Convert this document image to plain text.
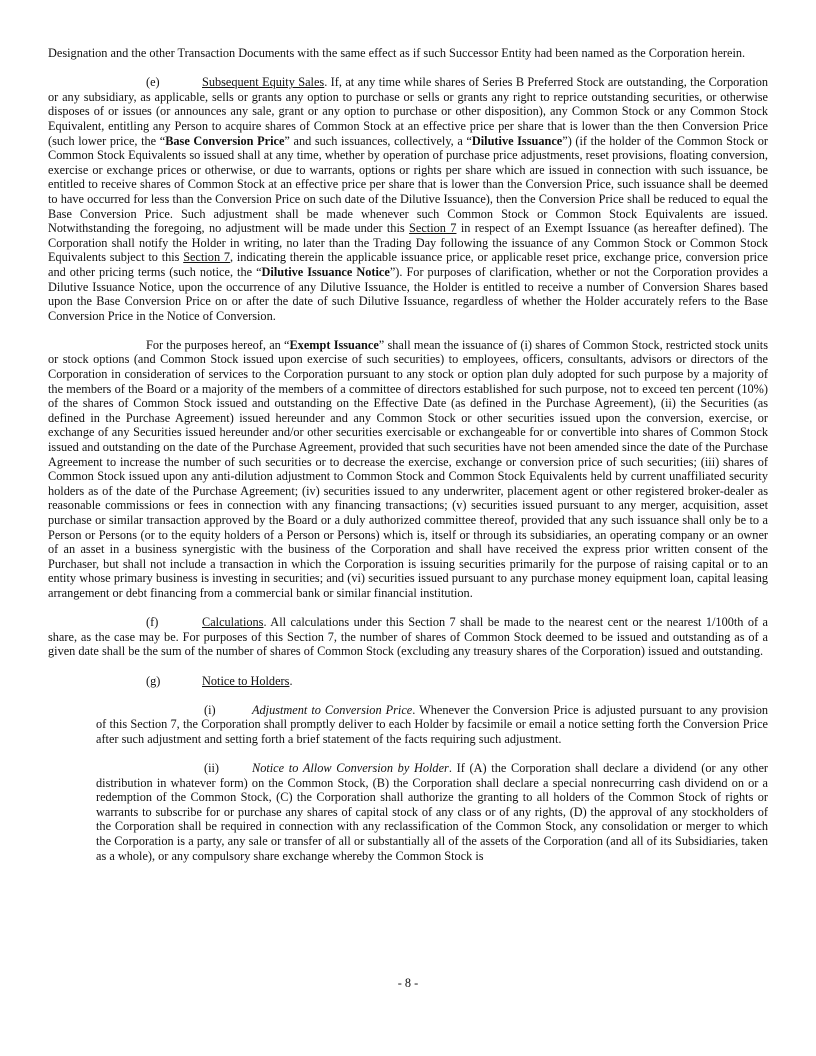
Designation and the other Transaction Documents with the same effect as if such Successor Entity had been named as the Corporation herein.

(e)	Subsequent Equity Sales. If, at any time while shares of Series B Preferred Stock are outstanding, the Corporation or any subsidiary, as applicable, sells or grants any option to purchase or sells or grants any right to reprice outstanding securities, or otherwise disposes of or issues (or announces any sale, grant or any option to purchase or other disposition), any Common Stock or any Common Stock Equivalent, entitling any Person to acquire shares of Common Stock at an effective price per share that is lower than the then Conversion Price (such lower price, the “Base Conversion Price” and such issuances, collectively, a “Dilutive Issuance”) (if the holder of the Common Stock or Common Stock Equivalents so issued shall at any time, whether by operation of purchase price adjustments, reset provisions, floating conversion, exercise or exchange prices or otherwise, or due to warrants, options or rights per share which are issued in connection with such issuance, be entitled to receive shares of Common Stock at an effective price per share that is lower than the Conversion Price, such issuance shall be deemed to have occurred for less than the Conversion Price on such date of the Dilutive Issuance), then the Conversion Price shall be reduced to equal the Base Conversion Price. Such adjustment shall be made whenever such Common Stock or Common Stock Equivalents are issued. Notwithstanding the foregoing, no adjustment will be made under this Section 7 in respect of an Exempt Issuance (as hereafter defined). The Corporation shall notify the Holder in writing, no later than the Trading Day following the issuance of any Common Stock or Common Stock Equivalents subject to this Section 7, indicating therein the applicable issuance price, or applicable reset price, exchange price, conversion price and other pricing terms (such notice, the “Dilutive Issuance Notice”). For purposes of clarification, whether or not the Corporation provides a Dilutive Issuance Notice, upon the occurrence of any Dilutive Issuance, the Holder is entitled to receive a number of Conversion Shares based upon the Base Conversion Price on or after the date of such Dilutive Issuance, regardless of whether the Holder accurately refers to the Base Conversion Price in the Notice of Conversion.

For the purposes hereof, an “Exempt Issuance” shall mean the issuance of (i) shares of Common Stock, restricted stock units or stock options (and Common Stock issued upon exercise of such securities) to employees, officers, consultants, advisors or directors of the Corporation in consideration of services to the Corporation pursuant to any stock or option plan duly adopted for such purpose by a majority of the members of the Board or a majority of the members of a committee of directors established for such purpose, not to exceed ten percent (10%) of the shares of Common Stock issued and outstanding on the Effective Date (as defined in the Purchase Agreement), (ii) the Securities (as defined in the Purchase Agreement) issued hereunder and any Common Stock or other securities issued upon the conversion, exercise, or exchange of any Securities issued hereunder and/or other securities exercisable or exchangeable for or convertible into shares of Common Stock issued and outstanding on the date of the Purchase Agreement, provided that such securities have not been amended since the date of the Purchase Agreement to increase the number of such securities or to decrease the exercise, exchange or conversion price of such securities; (iii) shares of Common Stock issued upon any anti-dilution adjustment to Common Stock and Common Stock Equivalents held by current unaffiliated security holders as of the date of the Purchase Agreement; (iv) securities issued to any underwriter, placement agent or other registered broker-dealer as reasonable commissions or fees in connection with any financing transactions; (v) securities issued pursuant to any merger, acquisition, asset purchase or similar transaction approved by the Board or a duly authorized committee thereof, provided that any such issuance shall only be to a Person or Persons (or to the equity holders of a Person or Persons) which is, itself or through its subsidiaries, an operating company or an owner of an asset in a business synergistic with the business of the Corporation and shall have received the express prior written consent of the Purchaser, but shall not include a transaction in which the Corporation is issuing securities primarily for the purpose of raising capital or to an entity whose primary business is investing in securities; and (vi) securities issued pursuant to any purchase money equipment loan, capital leasing arrangement or debt financing from a commercial bank or similar financial institution.

(f)	Calculations. All calculations under this Section 7 shall be made to the nearest cent or the nearest 1/100th of a share, as the case may be. For purposes of this Section 7, the number of shares of Common Stock deemed to be issued and outstanding as of a given date shall be the sum of the number of shares of Common Stock (excluding any treasury shares of the Corporation) issued and outstanding.

(g)	Notice to Holders.

(i)	Adjustment to Conversion Price. Whenever the Conversion Price is adjusted pursuant to any provision of this Section 7, the Corporation shall promptly deliver to each Holder by facsimile or email a notice setting forth the Conversion Price after such adjustment and setting forth a brief statement of the facts requiring such adjustment.

(ii)	Notice to Allow Conversion by Holder. If (A) the Corporation shall declare a dividend (or any other distribution in whatever form) on the Common Stock, (B) the Corporation shall declare a special nonrecurring cash dividend on or a redemption of the Common Stock, (C) the Corporation shall authorize the granting to all holders of the Common Stock of rights or warrants to subscribe for or purchase any shares of capital stock of any class or of any rights, (D) the approval of any stockholders of the Corporation shall be required in connection with any reclassification of the Common Stock, any consolidation or merger to which the Corporation is a party, any sale or transfer of all or substantially all of the assets of the Corporation (and all of its Subsidiaries, taken as a whole), or any compulsory share exchange whereby the Common Stock is

- 8 -
